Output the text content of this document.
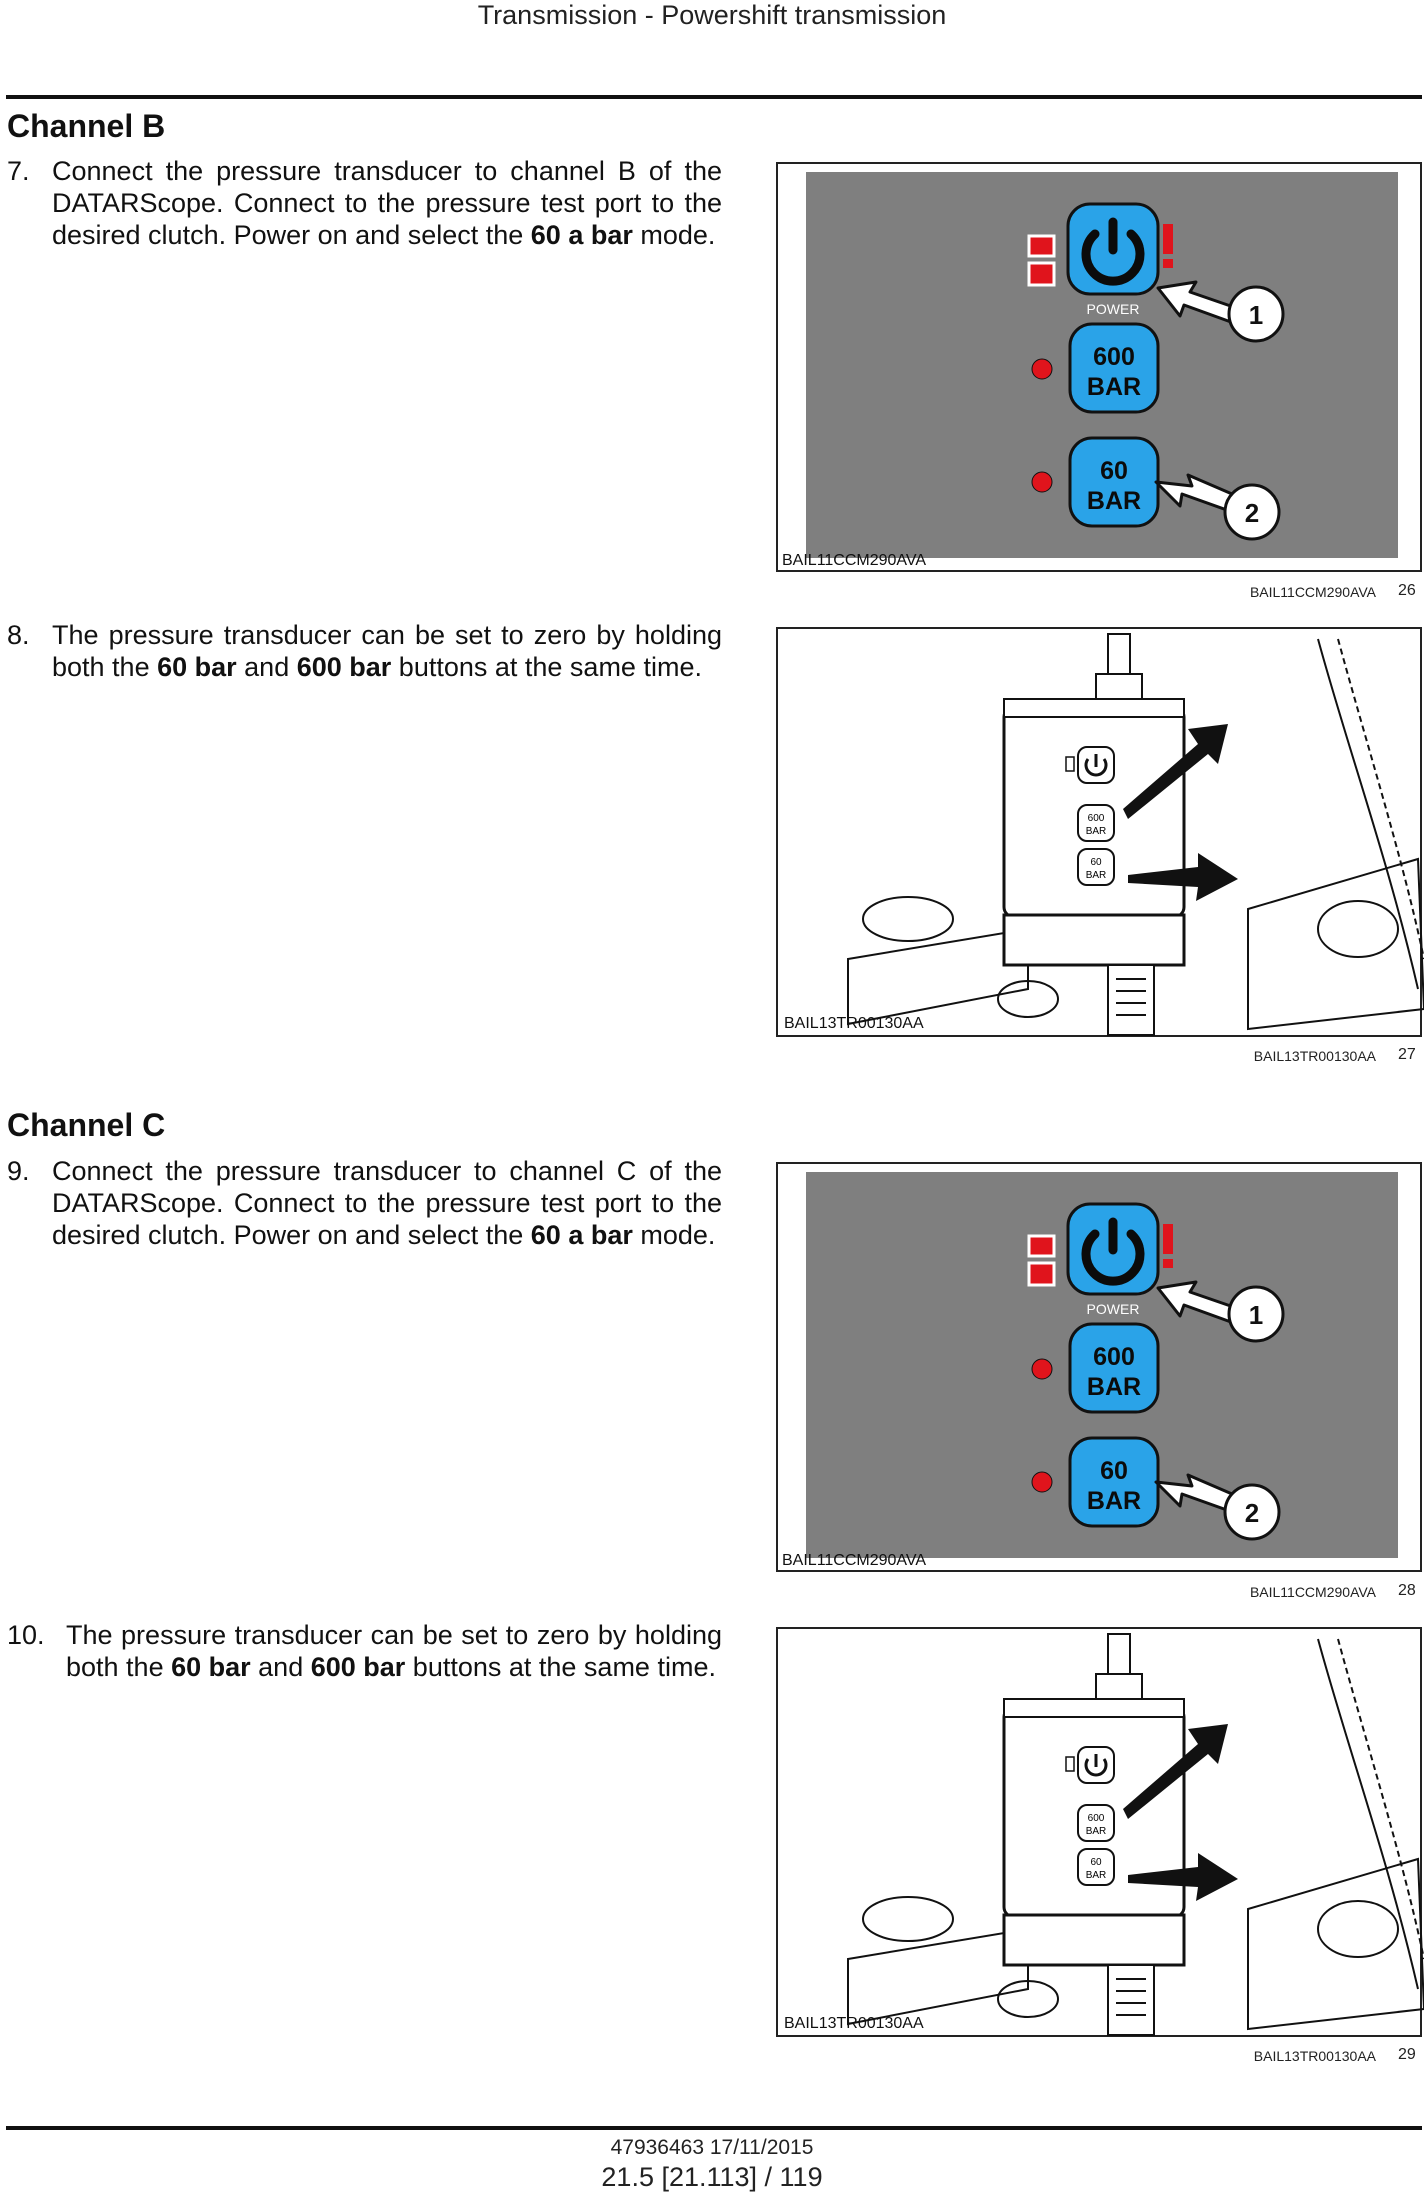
Transmission - Powershift transmission
Channel B
7. Connect the pressure transducer to channel B of the DATARScope. Connect to the pressure test port to the desired clutch. Power on and select the 60 a bar mode.
POWER
600
BAR
60
BAR
1
2
BAIL11CCM290AVA
BAIL11CCM290AVA 26
8. The pressure transducer can be set to zero by holding both the 60 bar and 600 bar buttons at the same time.
600
BAR
60
BAR
BAIL13TR00130AA
BAIL13TR00130AA 27
Channel C
9. Connect the pressure transducer to channel C of the DATARScope. Connect to the pressure test port to the desired clutch. Power on and select the 60 a bar mode.
POWER
600
BAR
60
BAR
1
2
BAIL11CCM290AVA
BAIL11CCM290AVA 28
10. The pressure transducer can be set to zero by holding both the 60 bar and 600 bar buttons at the same time.
600
BAR
60
BAR
BAIL13TR00130AA
BAIL13TR00130AA 29
47936463 17/11/2015
21.5 [21.113] / 119
